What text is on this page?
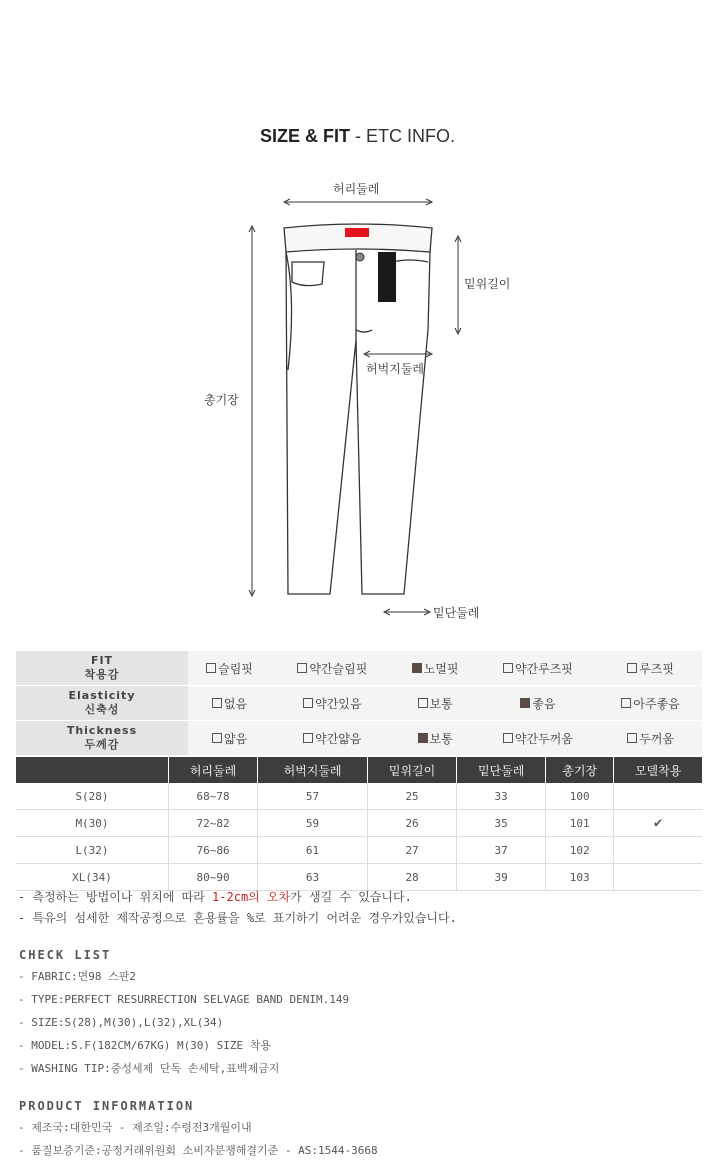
SIZE & FIT - ETC INFO.
허리둘레
밑위길이
허벅지둘레
총기장
밑단둘레
FIT
착용감	슬림핏	약간슬림핏	노멀핏	약간루즈핏	루즈핏
Elasticity
신축성	없음	약간있음	보통	좋음	아주좋음
Thickness
두께감	얇음	약간얇음	보통	약간두꺼움	두꺼움
	허리둘레	허벅지둘레	밑위길이	밑단둘레	총기장	모델착용
S(28)	68~78	57	25	33	100	
M(30)	72~82	59	26	35	101	✔
L(32)	76~86	61	27	37	102	
XL(34)	80~90	63	28	39	103	
- 측정하는 방법이나 위치에 따라 1-2cm의 오차가 생길 수 있습니다.
- 특유의 섬세한 제작공정으로 혼용률을 %로 표기하기 어려운 경우가있습니다.
CHECK LIST
- FABRIC:면98 스판2
- TYPE:PERFECT RESURRECTION SELVAGE BAND DENIM.149
- SIZE:S(28),M(30),L(32),XL(34)
- MODEL:S.F(182CM/67KG) M(30) SIZE 착용
- WASHING TIP:중성세제 단독 손세탁,표백제금지
PRODUCT INFORMATION
- 제조국:대한민국 - 제조일:수령전3개월이내
- 품질보증기준:공정거래위원회 소비자분쟁해결기준 - AS:1544-3668
